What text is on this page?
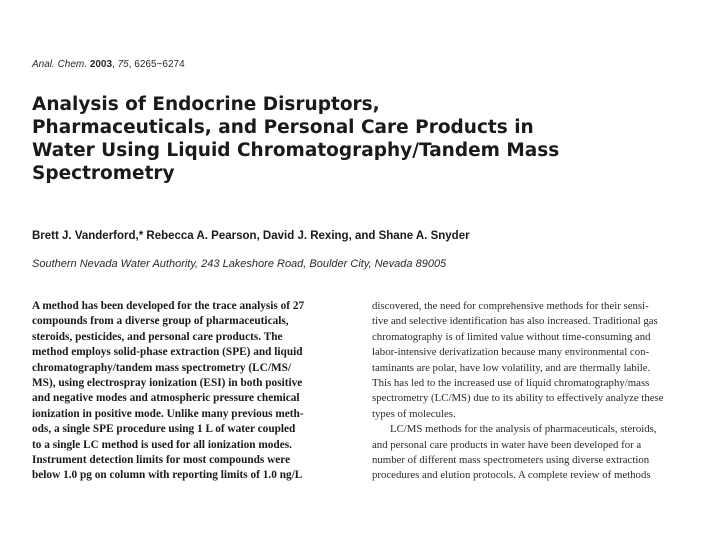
Anal. Chem. 2003, 75, 6265−6274
Analysis of Endocrine Disruptors,
Pharmaceuticals, and Personal Care Products in
Water Using Liquid Chromatography/Tandem Mass
Spectrometry
Brett J. Vanderford,* Rebecca A. Pearson, David J. Rexing, and Shane A. Snyder
Southern Nevada Water Authority, 243 Lakeshore Road, Boulder City, Nevada 89005
A method has been developed for the trace analysis of 27
compounds from a diverse group of pharmaceuticals,
steroids, pesticides, and personal care products. The
method employs solid-phase extraction (SPE) and liquid
chromatography/tandem mass spectrometry (LC/MS/
MS), using electrospray ionization (ESI) in both positive
and negative modes and atmospheric pressure chemical
ionization in positive mode. Unlike many previous meth-
ods, a single SPE procedure using 1 L of water coupled
to a single LC method is used for all ionization modes.
Instrument detection limits for most compounds were
below 1.0 pg on column with reporting limits of 1.0 ng/L
discovered, the need for comprehensive methods for their sensi-
tive and selective identification has also increased. Traditional gas
chromatography is of limited value without time-consuming and
labor-intensive derivatization because many environmental con-
taminants are polar, have low volatility, and are thermally labile.
This has led to the increased use of liquid chromatography/mass
spectrometry (LC/MS) due to its ability to effectively analyze these
types of molecules.
LC/MS methods for the analysis of pharmaceuticals, steroids,
and personal care products in water have been developed for a
number of different mass spectrometers using diverse extraction
procedures and elution protocols. A complete review of methods
